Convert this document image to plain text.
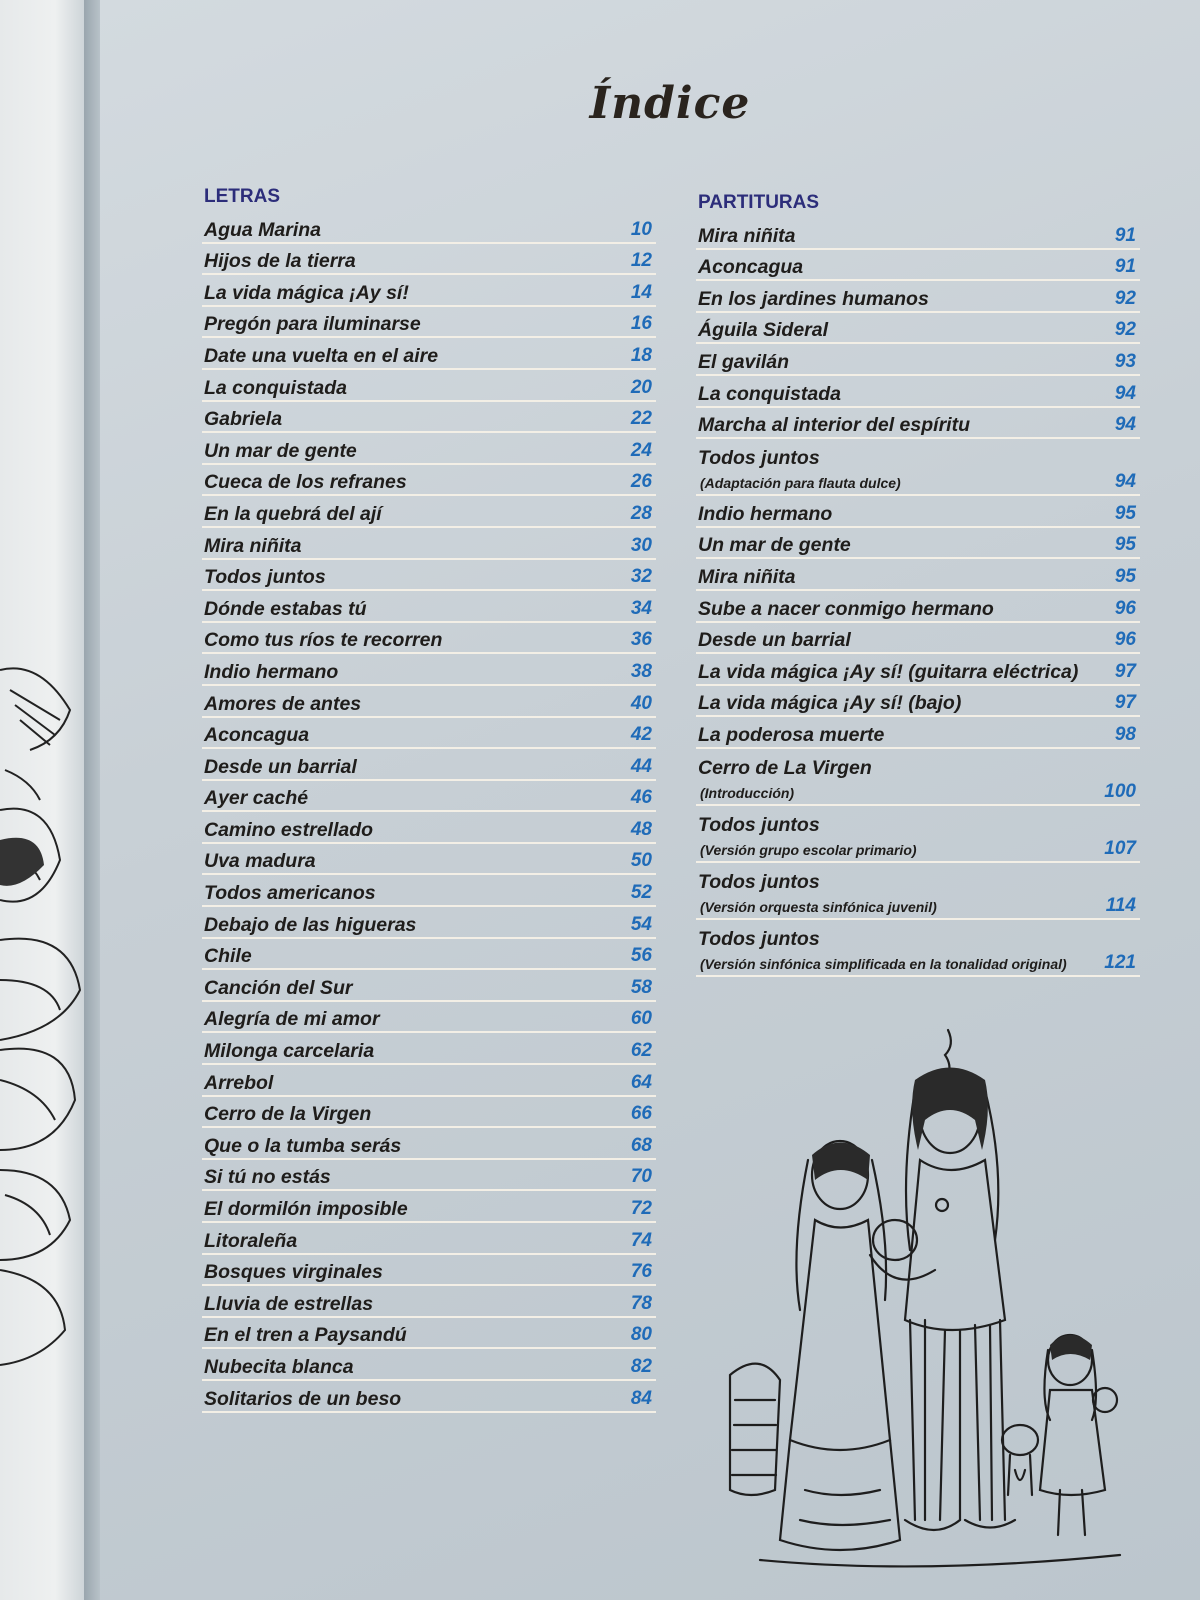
Índice
LETRAS
Agua Marina	10
Hijos de la tierra	12
La vida mágica ¡Ay sí!	14
Pregón para iluminarse	16
Date una vuelta en el aire	18
La conquistada	20
Gabriela	22
Un mar de gente	24
Cueca de los refranes	26
En la quebrá del ají	28
Mira niñita	30
Todos juntos	32
Dónde estabas tú	34
Como tus ríos te recorren	36
Indio hermano	38
Amores de antes	40
Aconcagua	42
Desde un barrial	44
Ayer caché	46
Camino estrellado	48
Uva madura	50
Todos americanos	52
Debajo de las higueras	54
Chile	56
Canción del Sur	58
Alegría de mi amor	60
Milonga carcelaria	62
Arrebol	64
Cerro de la Virgen	66
Que o la tumba serás	68
Si tú no estás	70
El dormilón imposible	72
Litoraleña	74
Bosques virginales	76
Lluvia de estrellas	78
En el tren a Paysandú	80
Nubecita blanca	82
Solitarios de un beso	84
PARTITURAS
Mira niñita	91
Aconcagua	91
En los jardines humanos	92
Águila Sideral	92
El gavilán	93
La conquistada	94
Marcha al interior del espíritu	94
Todos juntos
(Adaptación para flauta dulce)	94
Indio hermano	95
Un mar de gente	95
Mira niñita	95
Sube a nacer conmigo hermano	96
Desde un barrial	96
La vida mágica ¡Ay sí! (guitarra eléctrica) 97
La vida mágica ¡Ay sí! (bajo)	97
La poderosa muerte	98
Cerro de La Virgen
(Introducción)	100
Todos juntos
(Versión grupo escolar primario)	107
Todos juntos
(Versión orquesta sinfónica juvenil)	114
Todos juntos
(Versión sinfónica simplificada en la tonalidad original) 121
